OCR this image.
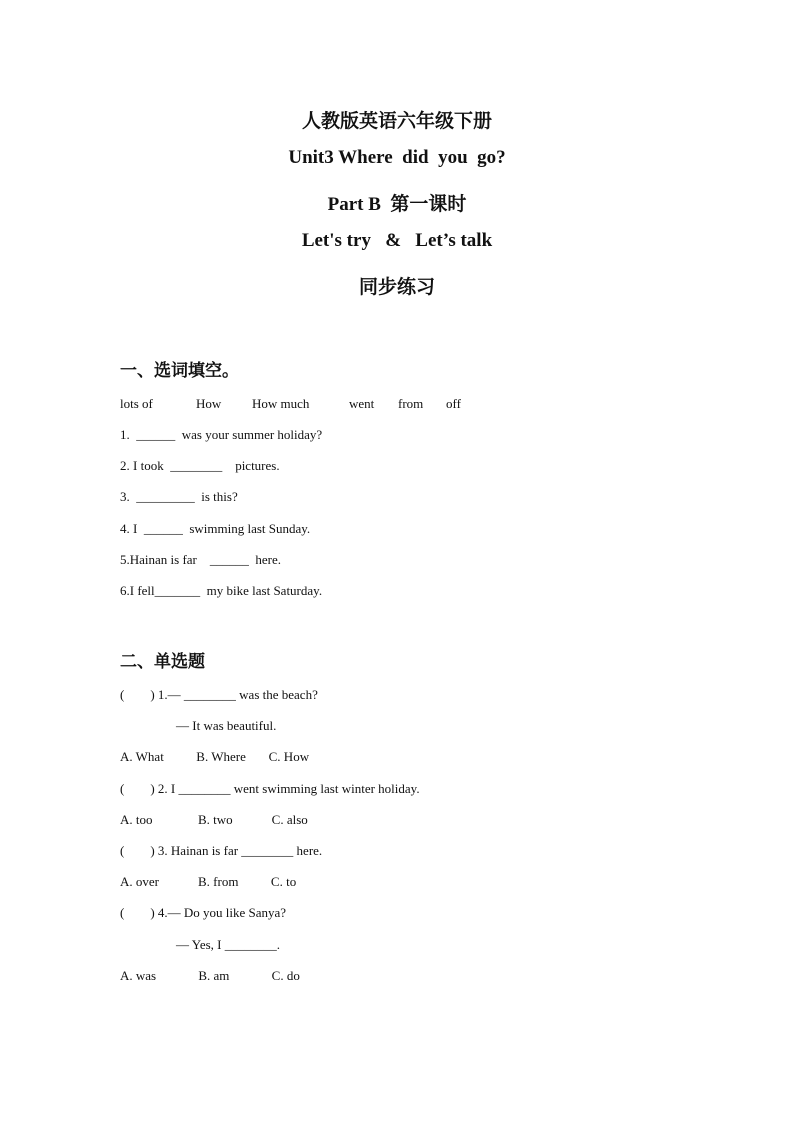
人教版英语六年级下册
Unit3 Where  did  you  go?
Part B  第一课时
Let's try   &   Let’s talk
同步练习
一、选词填空。

lots of

	How

How much

	went

from

off

1.  ______  was your summer holiday?
2. I took  ________    pictures.
3.  _________  is this?
4. I  ______  swimming last Sunday.
5.Hainan is far    ______  here.
6.I fell_______  my bike last Saturday.
二、单选题
(        ) 1.— ________ was the beach?
— It was beautiful.
A. What          B. Where       C. How
(        ) 2. I ________ went swimming last winter holiday.
A. too              B. two            C. also
(        ) 3. Hainan is far ________ here.
A. over            B. from          C. to
(        ) 4.— Do you like Sanya?
— Yes, I ________.
A. was             B. am             C. do
